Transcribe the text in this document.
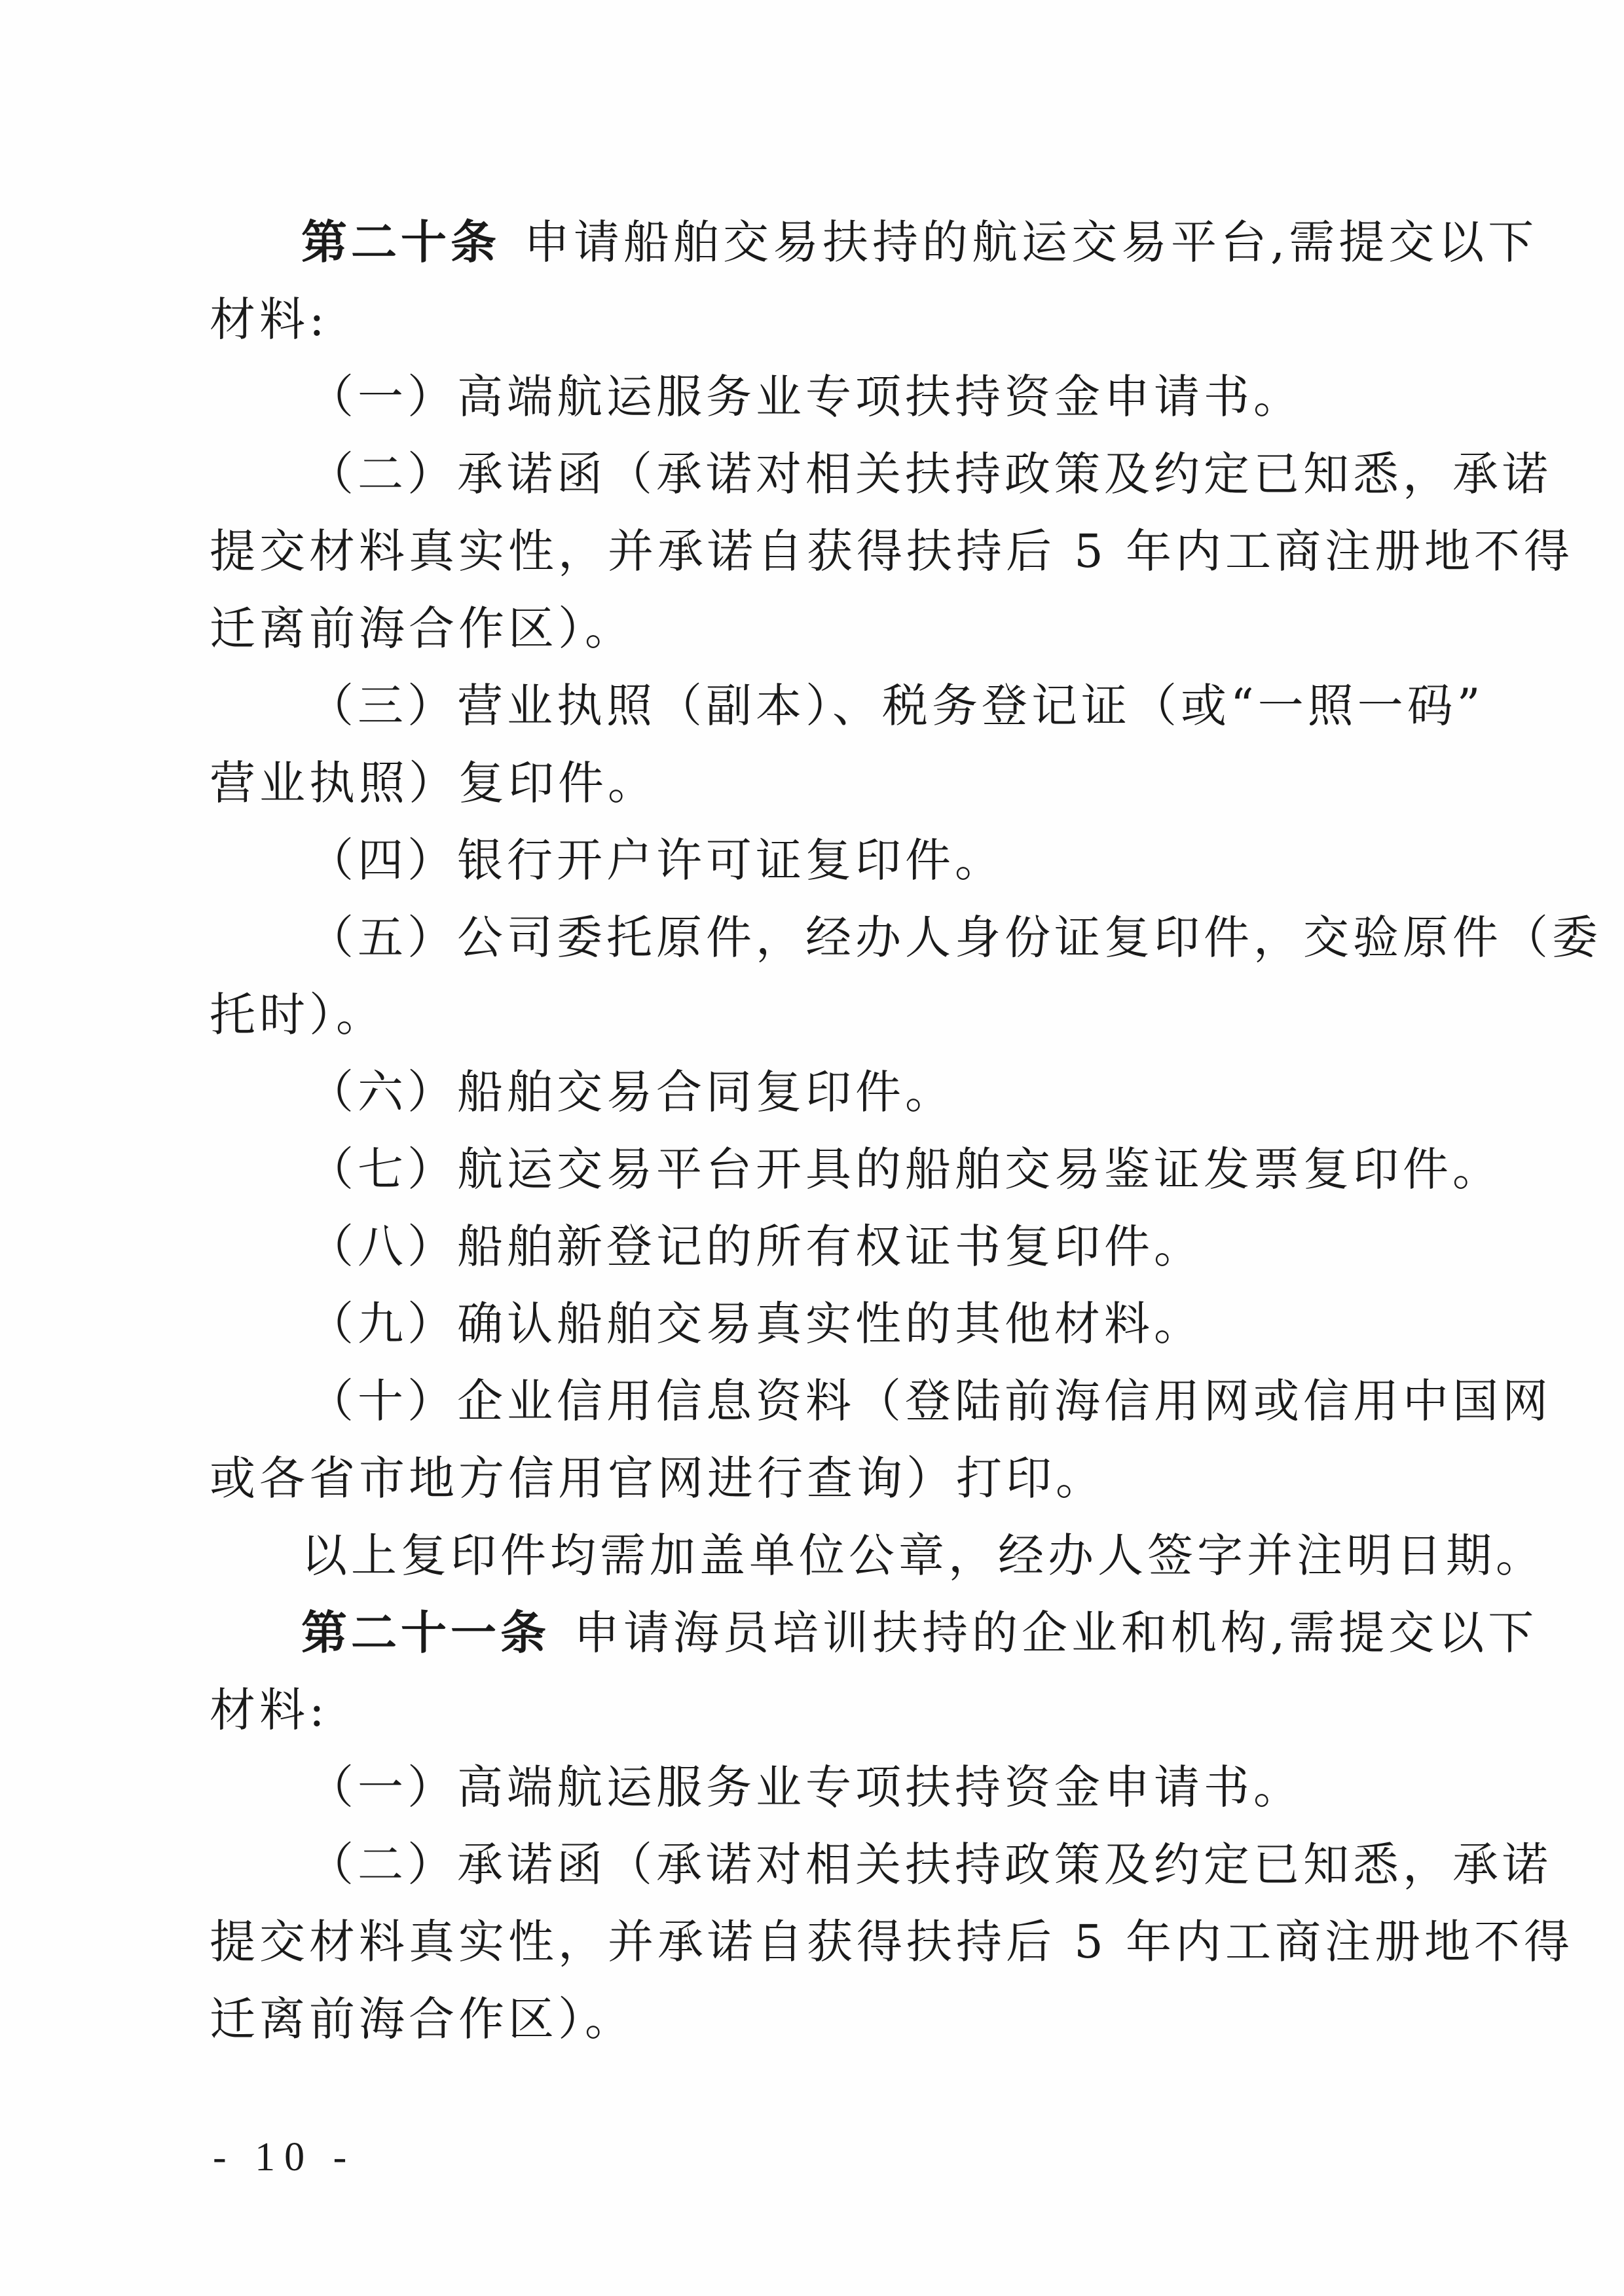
第二十条 申请船舶交易扶持的航运交易平台,需提交以下
材料:
（一）高端航运服务业专项扶持资金申请书。
（二）承诺函（承诺对相关扶持政策及约定已知悉，承诺
提交材料真实性，并承诺自获得扶持后 5 年内工商注册地不得
迁离前海合作区）。
（三）营业执照（副本）、税务登记证（或“一照一码”
营业执照）复印件。
（四）银行开户许可证复印件。
（五）公司委托原件，经办人身份证复印件，交验原件（委
托时）。
（六）船舶交易合同复印件。
（七）航运交易平台开具的船舶交易鉴证发票复印件。
（八）船舶新登记的所有权证书复印件。
（九）确认船舶交易真实性的其他材料。
（十）企业信用信息资料（登陆前海信用网或信用中国网
或各省市地方信用官网进行查询）打印。
以上复印件均需加盖单位公章，经办人签字并注明日期。
第二十一条 申请海员培训扶持的企业和机构,需提交以下
材料:
（一）高端航运服务业专项扶持资金申请书。
（二）承诺函（承诺对相关扶持政策及约定已知悉，承诺
提交材料真实性，并承诺自获得扶持后 5 年内工商注册地不得
迁离前海合作区）。
- 10 -
